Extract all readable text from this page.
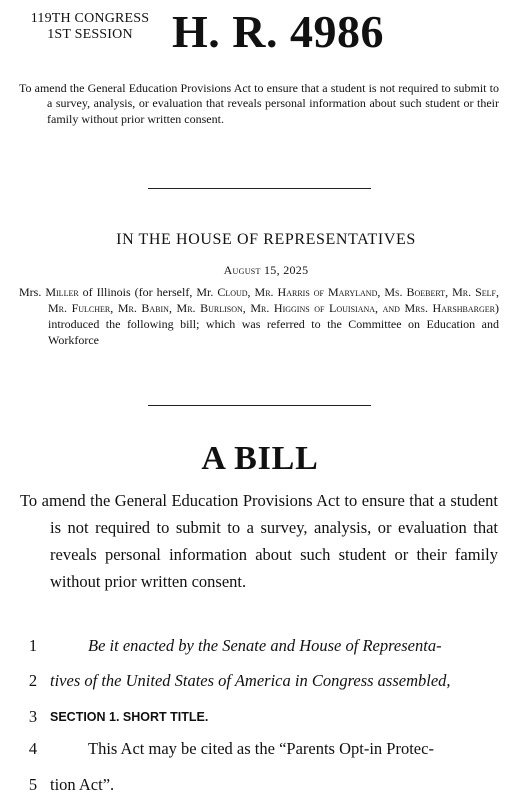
119TH CONGRESS
1ST SESSION H. R. 4986
To amend the General Education Provisions Act to ensure that a student is not required to submit to a survey, analysis, or evaluation that reveals personal information about such student or their family without prior written consent.
IN THE HOUSE OF REPRESENTATIVES
August 15, 2025
Mrs. Miller of Illinois (for herself, Mr. Cloud, Mr. Harris of Maryland, Ms. Boebert, Mr. Self, Mr. Fulcher, Mr. Babin, Mr. Burlison, Mr. Higgins of Louisiana, and Mrs. Harshbarger) introduced the following bill; which was referred to the Committee on Education and Workforce
A BILL
To amend the General Education Provisions Act to ensure that a student is not required to submit to a survey, analysis, or evaluation that reveals personal information about such student or their family without prior written consent.
1	Be it enacted by the Senate and House of Representa-
2 tives of the United States of America in Congress assembled,
3	SECTION 1. SHORT TITLE.
4	This Act may be cited as the “Parents Opt-in Protec-
5 tion Act”.
